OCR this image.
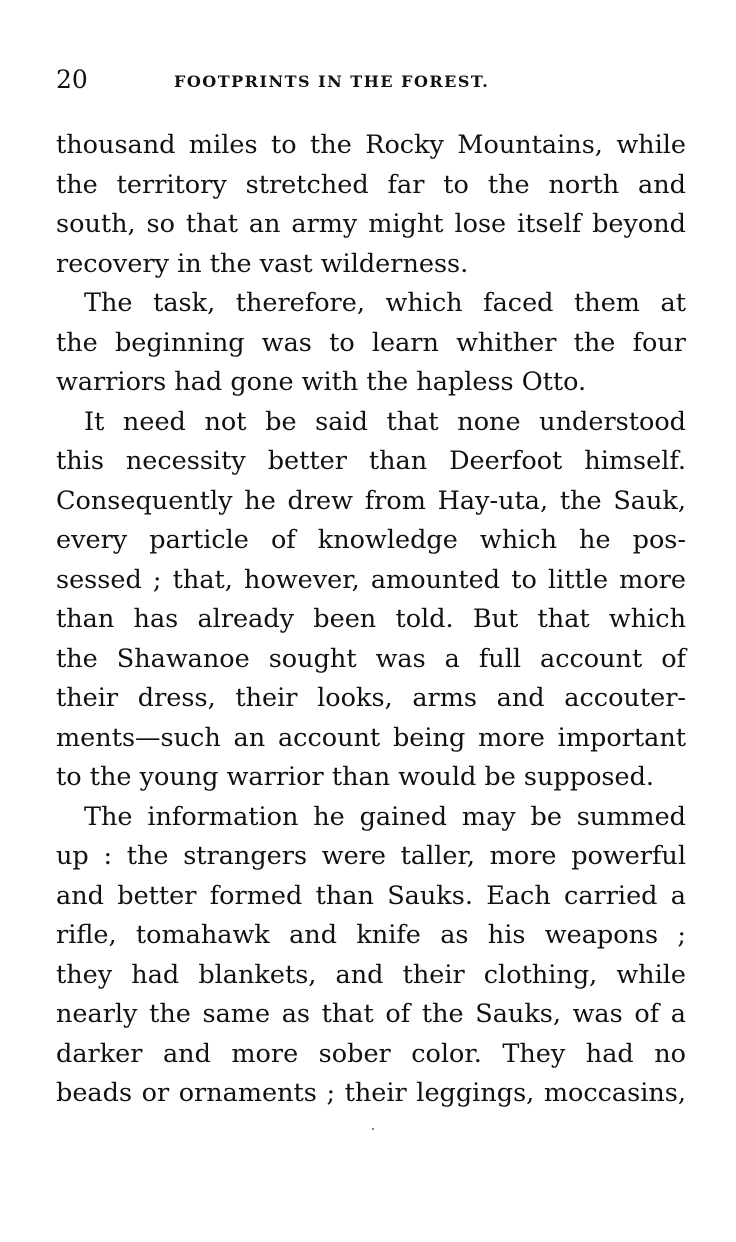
20	FOOTPRINTS IN THE FOREST.
thousand miles to the Rocky Mountains, while
the territory stretched far to the north and
south, so that an army might lose itself beyond
recovery in the vast wilderness.
The task, therefore, which faced them at
the beginning was to learn whither the four
warriors had gone with the hapless Otto.
It need not be said that none understood
this necessity better than Deerfoot himself.
Consequently he drew from Hay-uta, the Sauk,
every particle of knowledge which he pos-
sessed ; that, however, amounted to little more
than has already been told. But that which
the Shawanoe sought was a full account of
their dress, their looks, arms and accouter-
ments—such an account being more important
to the young warrior than would be supposed.
The information he gained may be summed
up : the strangers were taller, more powerful
and better formed than Sauks. Each carried a
rifle, tomahawk and knife as his weapons ;
they had blankets, and their clothing, while
nearly the same as that of the Sauks, was of a
darker and more sober color. They had no
beads or ornaments ; their leggings, moccasins,
